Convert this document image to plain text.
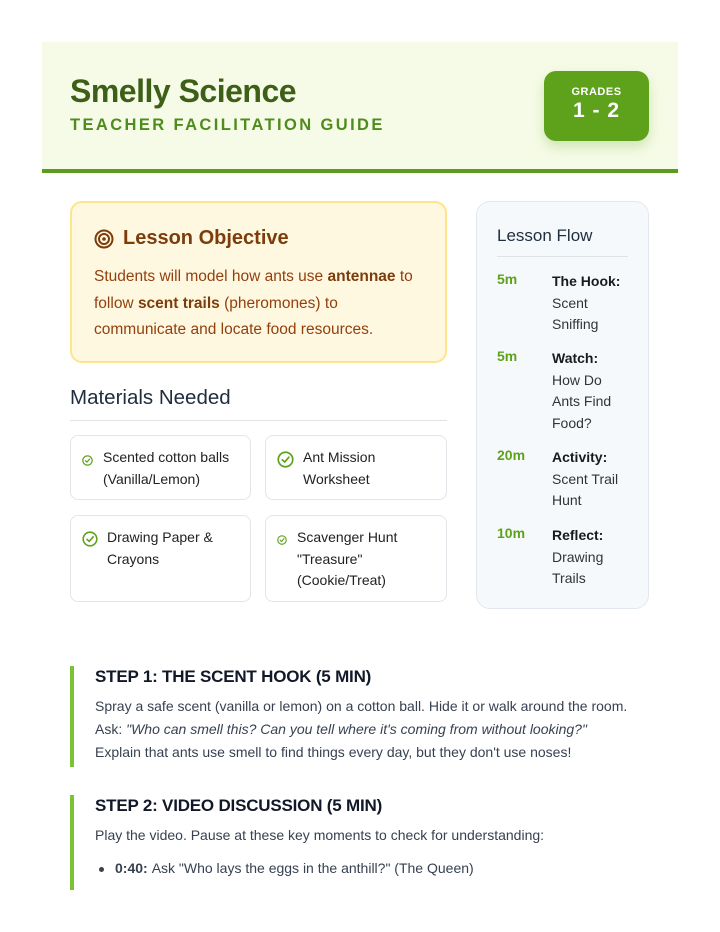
Smelly Science
TEACHER FACILITATION GUIDE
GRADES
1 - 2
Lesson Objective
Students will model how ants use antennae to follow scent trails (pheromones) to communicate and locate food resources.
Materials Needed
Scented cotton balls
(Vanilla/Lemon)
Ant Mission
Worksheet
Drawing Paper &
Crayons
Scavenger Hunt
"Treasure"
(Cookie/Treat)
Lesson Flow
5m The Hook: Scent Sniffing
5m Watch: How Do Ants Find Food?
20m Activity: Scent Trail Hunt
10m Reflect: Drawing Trails
STEP 1: THE SCENT HOOK (5 MIN)
Spray a safe scent (vanilla or lemon) on a cotton ball. Hide it or walk around the room.
Ask: "Who can smell this? Can you tell where it's coming from without looking?"
Explain that ants use smell to find things every day, but they don't use noses!
STEP 2: VIDEO DISCUSSION (5 MIN)
Play the video. Pause at these key moments to check for understanding:
0:40: Ask "Who lays the eggs in the anthill?" (The Queen)
